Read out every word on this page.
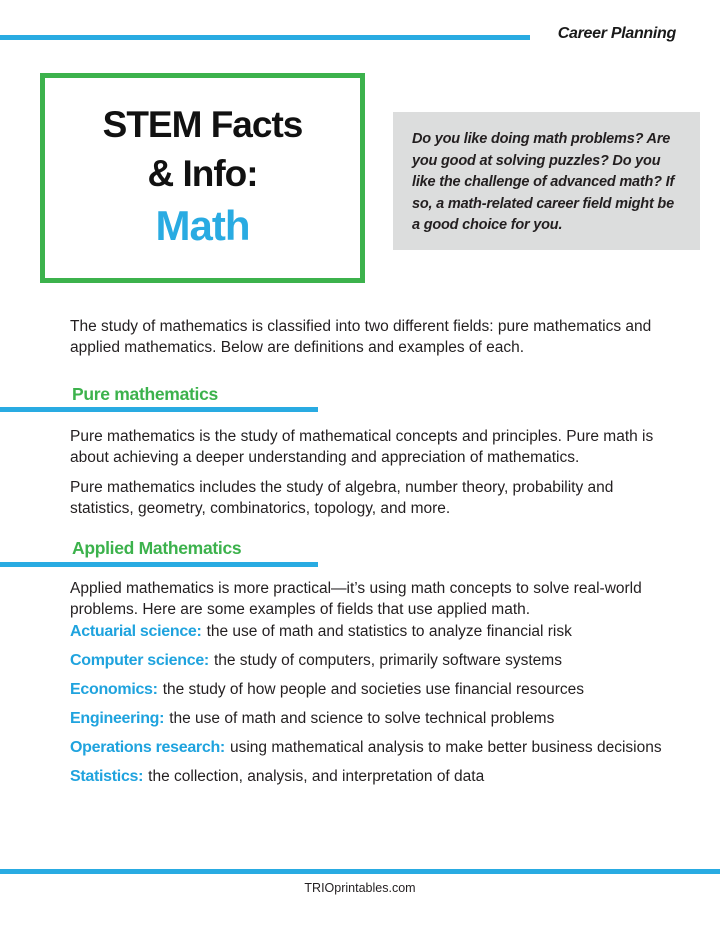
Career Planning
STEM Facts
& Info:
Math

Do you like doing math problems? Are you good at solving puzzles? Do you like the challenge of advanced math? If so, a math-related career field might be a good choice for you.

The study of mathematics is classified into two different fields: pure mathematics and applied mathematics. Below are definitions and examples of each.

Pure mathematics

Pure mathematics is the study of mathematical concepts and principles. Pure math is about achieving a deeper understanding and appreciation of mathematics.

Pure mathematics includes the study of algebra, number theory, probability and statistics, geometry, combinatorics, topology, and more.

Applied Mathematics

Applied mathematics is more practical—it’s using math concepts to solve real-world problems. Here are some examples of fields that use applied math.

Actuarial science: the use of math and statistics to analyze financial risk

Computer science: the study of computers, primarily software systems

Economics: the study of how people and societies use financial resources

Engineering: the use of math and science to solve technical problems

Operations research: using mathematical analysis to make better business decisions

Statistics: the collection, analysis, and interpretation of data

TRIOprintables.com
